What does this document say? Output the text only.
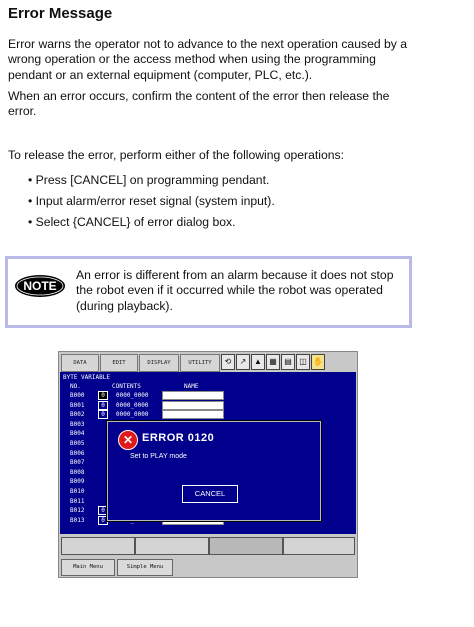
Error Message
Error warns the operator not to advance to the next operation caused by a
wrong operation or the access method when using the programming
pendant or an external equipment (computer, PLC, etc.).
When an error occurs, confirm the content of the error then release the
error.
To release the error, perform either of the following operations:
• Press [CANCEL] on programming pendant.
• Input alarm/error reset signal (system input).
• Select {CANCEL} of error dialog box.
NOTE
An error is different from an alarm because it does not stop
the robot even if it occurred while the robot was operated
(during playback).
DATA	EDIT	DISPLAY	UTILITY	⟲	↗ ▲ ▦ ▤ ◫ ✋
BYTE VARIABLE
NO.	CONTENTS	NAME
B000	0	0000_0000
B001	0	0000_0000
B002	0	0000_0000
B003
B004
B005
B006
B007
B008
B009
B010
B011
B012	0
B013	0
✕ ERROR 0120
Set to PLAY mode
CANCEL
Main Menu	Simple Menu
